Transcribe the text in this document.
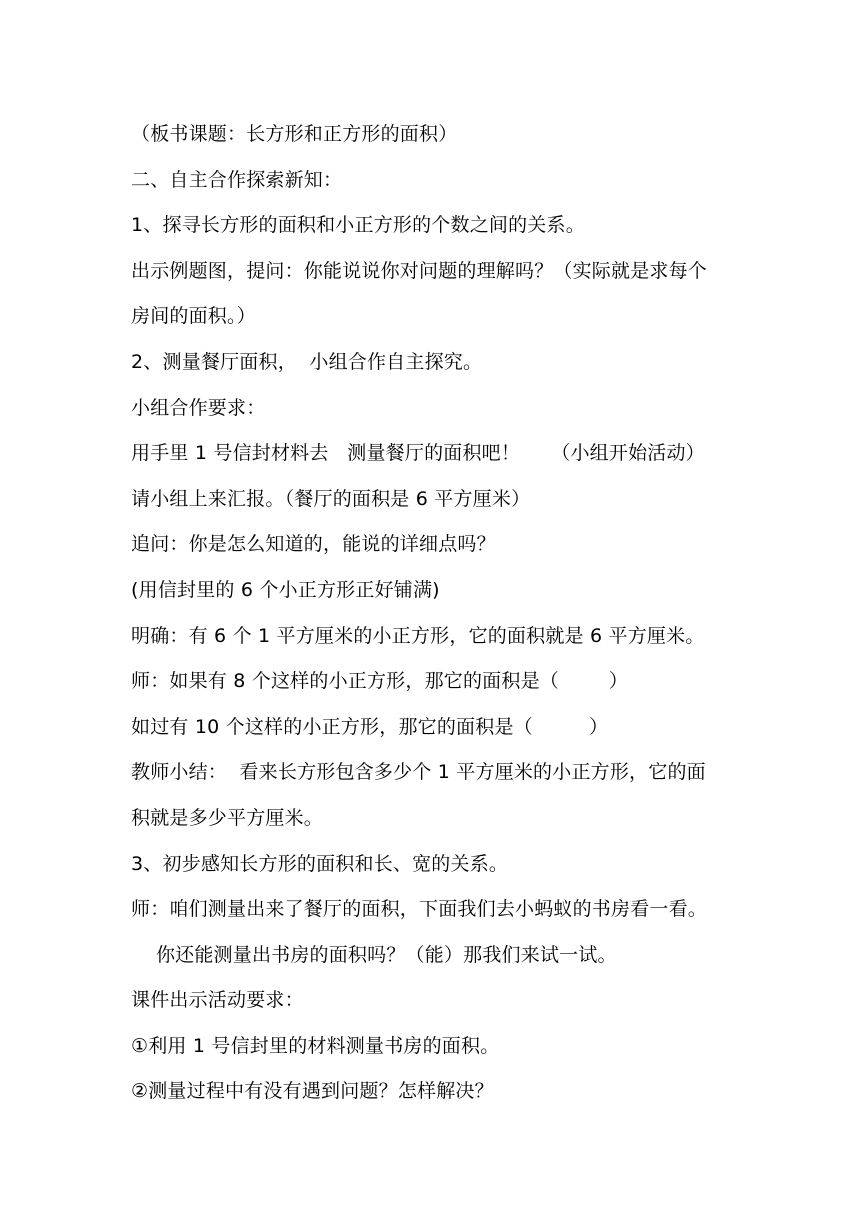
（板书课题：长方形和正方形的面积）
二、自主合作探索新知：
1、探寻长方形的面积和小正方形的个数之间的关系。
出示例题图，提问：你能说说你对问题的理解吗？（实际就是求每个
房间的面积。）
2、测量餐厅面积，  小组合作自主探究。
小组合作要求：
用手里 1 号信封材料去   测量餐厅的面积吧！     （小组开始活动）
请小组上来汇报。（餐厅的面积是 6 平方厘米）
追问：你是怎么知道的，能说的详细点吗？
(用信封里的 6 个小正方形正好铺满)
明确：有 6 个 1 平方厘米的小正方形，它的面积就是 6 平方厘米。
师：如果有 8 个这样的小正方形，那它的面积是（        ）
如过有 10 个这样的小正方形，那它的面积是（         ）
教师小结：  看来长方形包含多少个 1 平方厘米的小正方形，它的面
积就是多少平方厘米。
3、初步感知长方形的面积和长、宽的关系。
师：咱们测量出来了餐厅的面积，下面我们去小蚂蚁的书房看一看。
你还能测量出书房的面积吗？（能）那我们来试一试。
课件出示活动要求：
①利用 1 号信封里的材料测量书房的面积。
②测量过程中有没有遇到问题？怎样解决？
